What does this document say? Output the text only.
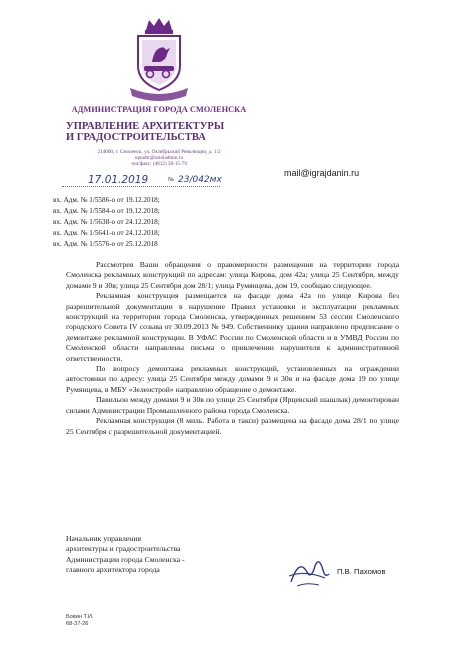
АДМИНИСТРАЦИЯ ГОРОДА СМОЛЕНСКА
УПРАВЛЕНИЕ АРХИТЕКТУРЫ
И ГРАДОСТРОИТЕЛЬСТВА
214000, г. Смоленск, ул. Октябрьской Революции, д. 1/2
uptadtr@smoladmin.ru
тел/факс: (4812) 38-15-79
17.01.2019	№ 23/042мх
mail@igrajdanin.ru
вх. Адм. № 1/5586-о от 19.12.2018;
вх. Адм. № 1/5584-о от 19.12.2018;
вх. Адм. № 1/5638-о от 24.12.2018;
вх. Адм. № 1/5641-о от 24.12.2018;
вх. Адм. № 1/5576-о от 25.12.2018

Рассмотрев Ваши обращения о правомерности размещения на территории города Смоленска рекламных конструкций по адресам: улица Кирова, дом 42а; улица 25 Сентября, между домами 9 и 30в; улица 25 Сентября дом 28/1; улица Румянцева, дом 19, сообщаю следующее.

Рекламная конструкция размещается на фасаде дома 42а по улице Кирова без разрешительной документации в нарушение Правил установки и эксплуатации рекламных конструкций на территории города Смоленска, утвержденных решением 53 сессии Смоленского городского Совета IV созыва от 30.09.2013 № 949. Собственнику здания направлено предписание о демонтаже рекламной конструкции. В УФАС России по Смоленской области и в УМВД России по Смоленской области направлены письма о привлечении нарушителя к административной ответственности.

По вопросу демонтажа рекламных конструкций, установленных на ограждении автостоянки по адресу: улица 25 Сентября между домами 9 и 30в и на фасаде дома 19 по улице Румянцева, в МБУ «Зеленстрой» направлено обращение о демонтаже.

Павильон между домами 9 и 30в по улице 25 Сентября (Ярцевский шашлык) демонтирован силами Администрации Промышленного района города Смоленска.

Рекламная конструкция (8 миль. Работа в такси) размещена на фасаде дома 28/1 по улице 25 Сентября с разрешительной документацией.

Начальник управления
архитектуры и градостроительства
Администрации города Смоленска -
главного архитектора города	П.В. Пахомов
Бовин Т.И.
68-37-26
